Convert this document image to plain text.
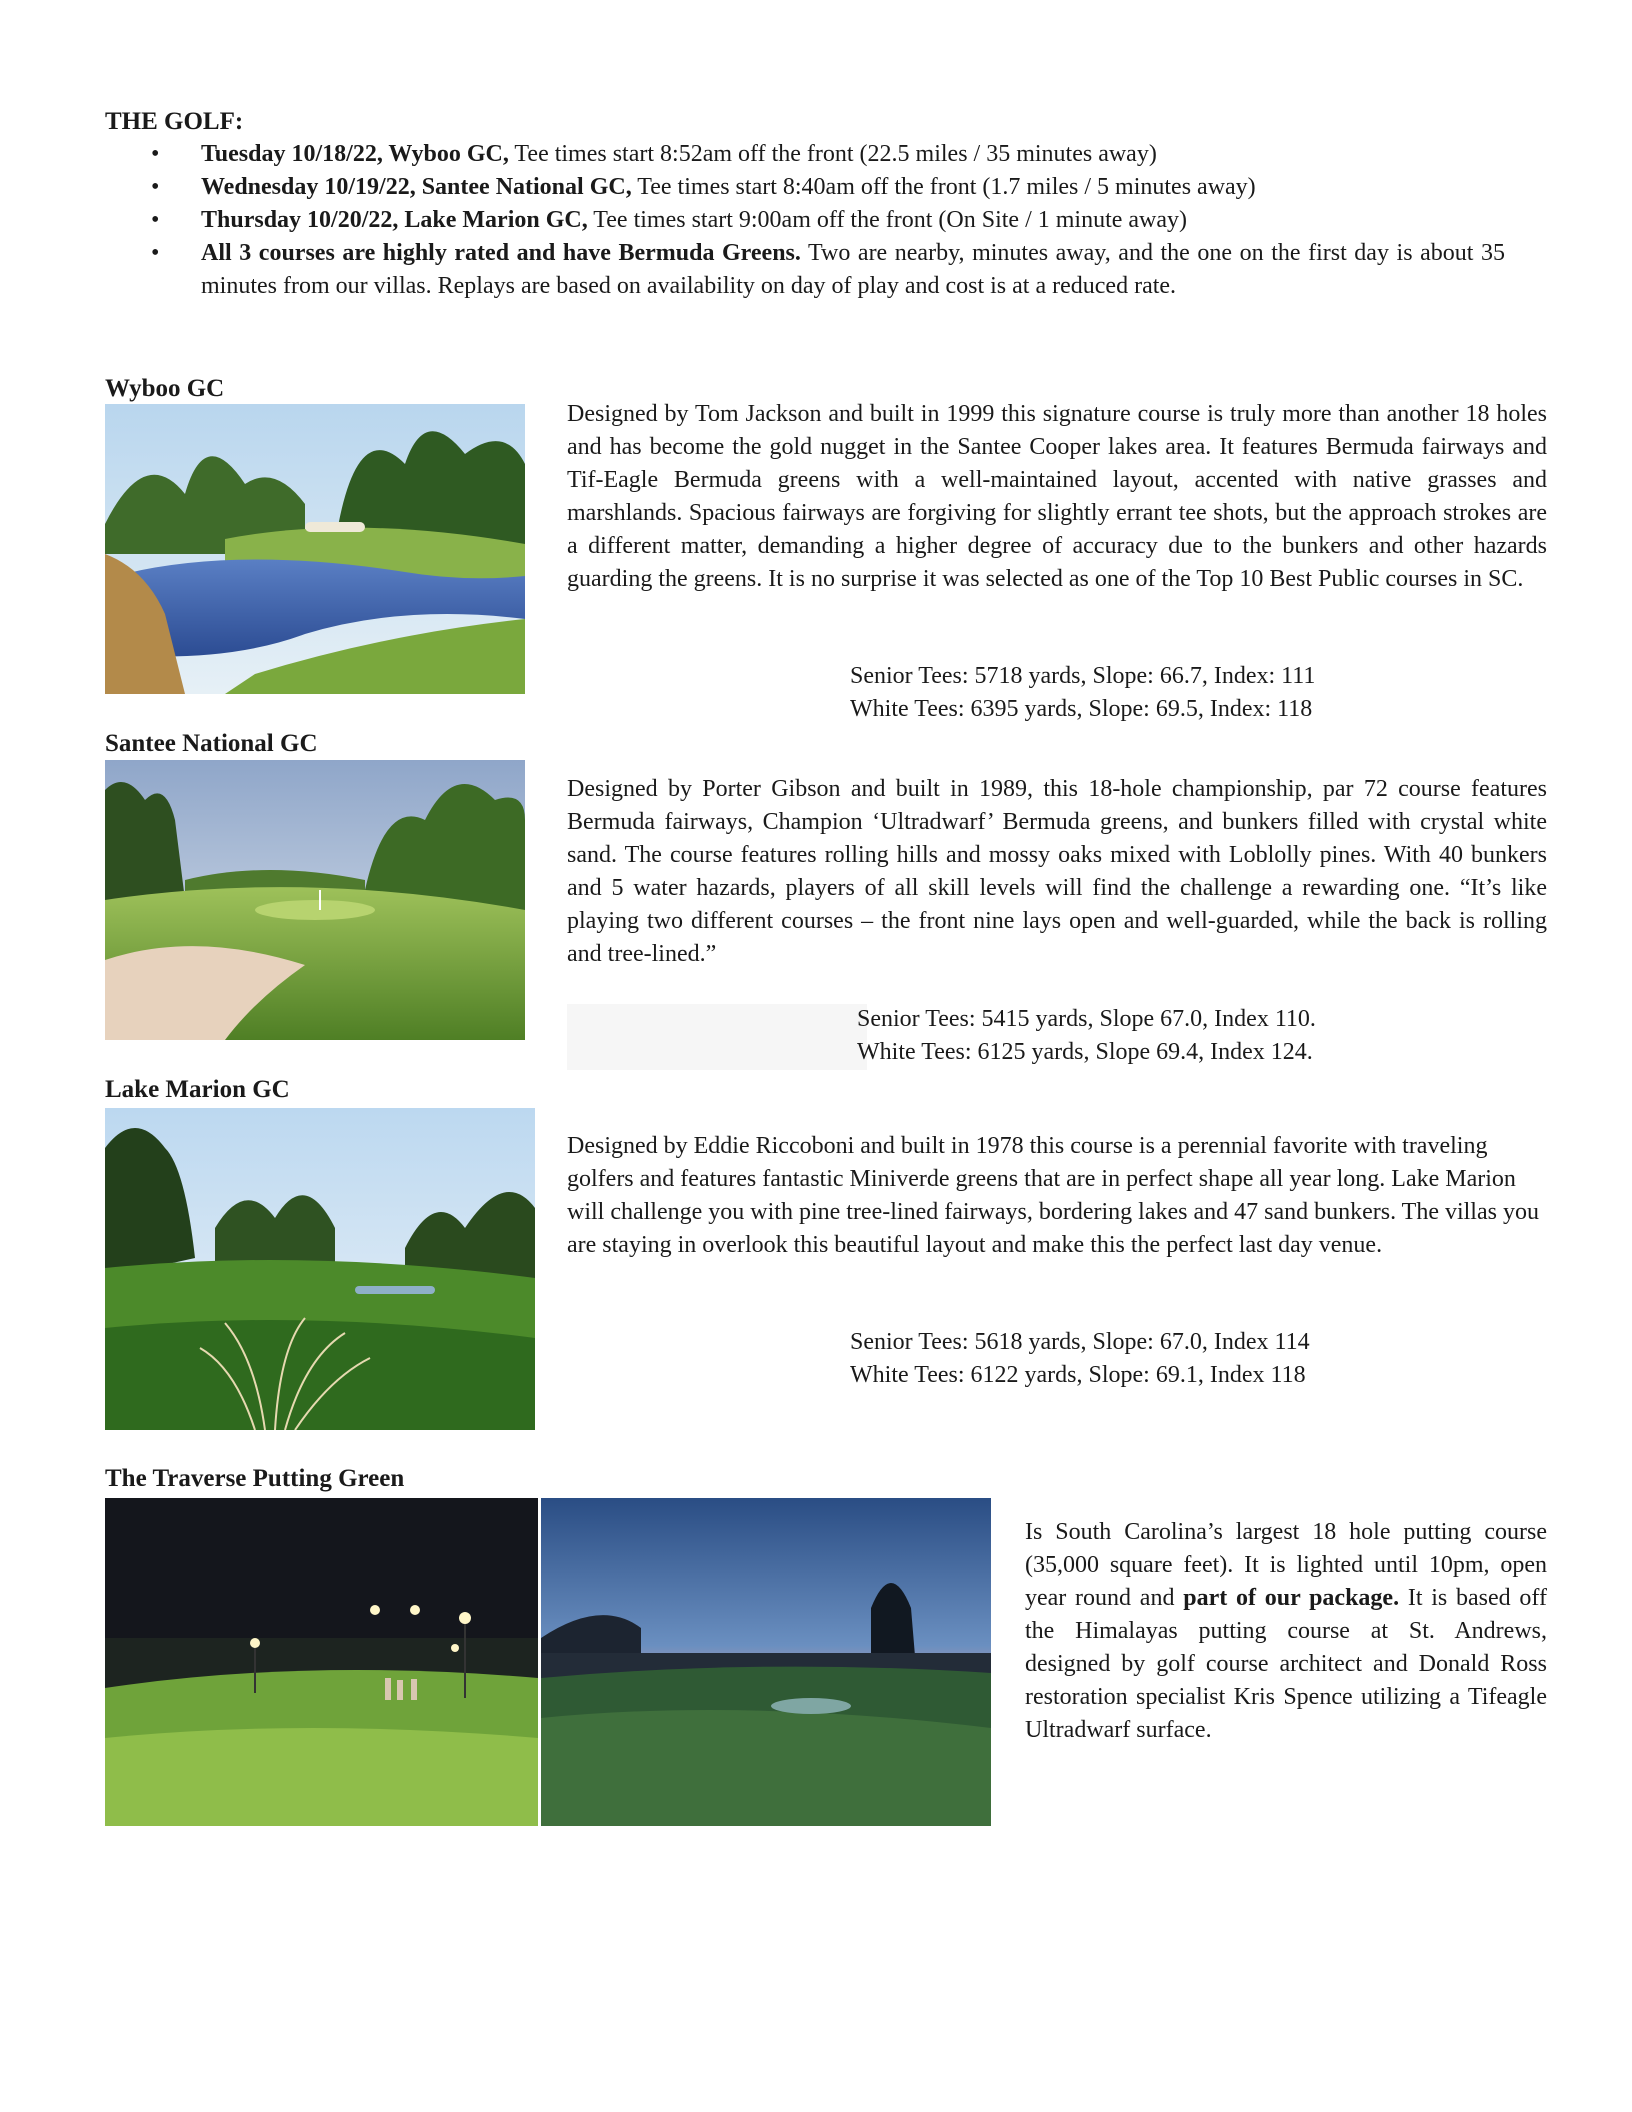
THE GOLF:
• Tuesday 10/18/22, Wyboo GC, Tee times start 8:52am off the front (22.5 miles / 35 minutes away)
• Wednesday 10/19/22, Santee National GC, Tee times start 8:40am off the front (1.7 miles / 5 minutes away)
• Thursday 10/20/22, Lake Marion GC, Tee times start 9:00am off the front (On Site / 1 minute away)
• All 3 courses are highly rated and have Bermuda Greens. Two are nearby, minutes away, and the one on the first day is about 35 minutes from our villas. Replays are based on availability on day of play and cost is at a reduced rate.
Wyboo GC
Designed by Tom Jackson and built in 1999 this signature course is truly more than another 18 holes and has become the gold nugget in the Santee Cooper lakes area. It features Bermuda fairways and Tif-Eagle Bermuda greens with a well-maintained layout, accented with native grasses and marshlands. Spacious fairways are forgiving for slightly errant tee shots, but the approach strokes are a different matter, demanding a higher degree of accuracy due to the bunkers and other hazards guarding the greens. It is no surprise it was selected as one of the Top 10 Best Public courses in SC.
Senior Tees: 5718 yards, Slope: 66.7, Index: 111
White Tees: 6395 yards, Slope: 69.5, Index: 118
Santee National GC
Designed by Porter Gibson and built in 1989, this 18-hole championship, par 72 course features Bermuda fairways, Champion ‘Ultradwarf’ Bermuda greens, and bunkers filled with crystal white sand. The course features rolling hills and mossy oaks mixed with Loblolly pines. With 40 bunkers and 5 water hazards, players of all skill levels will find the challenge a rewarding one. “It’s like playing two different courses – the front nine lays open and well-guarded, while the back is rolling and tree-lined.”
Senior Tees: 5415 yards, Slope 67.0, Index 110.
White Tees: 6125 yards, Slope 69.4, Index 124.
Lake Marion GC
Designed by Eddie Riccoboni and built in 1978 this course is a perennial favorite with traveling golfers and features fantastic Miniverde greens that are in perfect shape all year long. Lake Marion will challenge you with pine tree-lined fairways, bordering lakes and 47 sand bunkers. The villas you are staying in overlook this beautiful layout and make this the perfect last day venue.
Senior Tees: 5618 yards, Slope: 67.0, Index 114
White Tees: 6122 yards, Slope: 69.1, Index 118
The Traverse Putting Green
Is South Carolina’s largest 18 hole putting course (35,000 square feet). It is lighted until 10pm, open year round and part of our package. It is based off the Himalayas putting course at St. Andrews, designed by golf course architect and Donald Ross restoration specialist Kris Spence utilizing a Tifeagle Ultradwarf surface.
